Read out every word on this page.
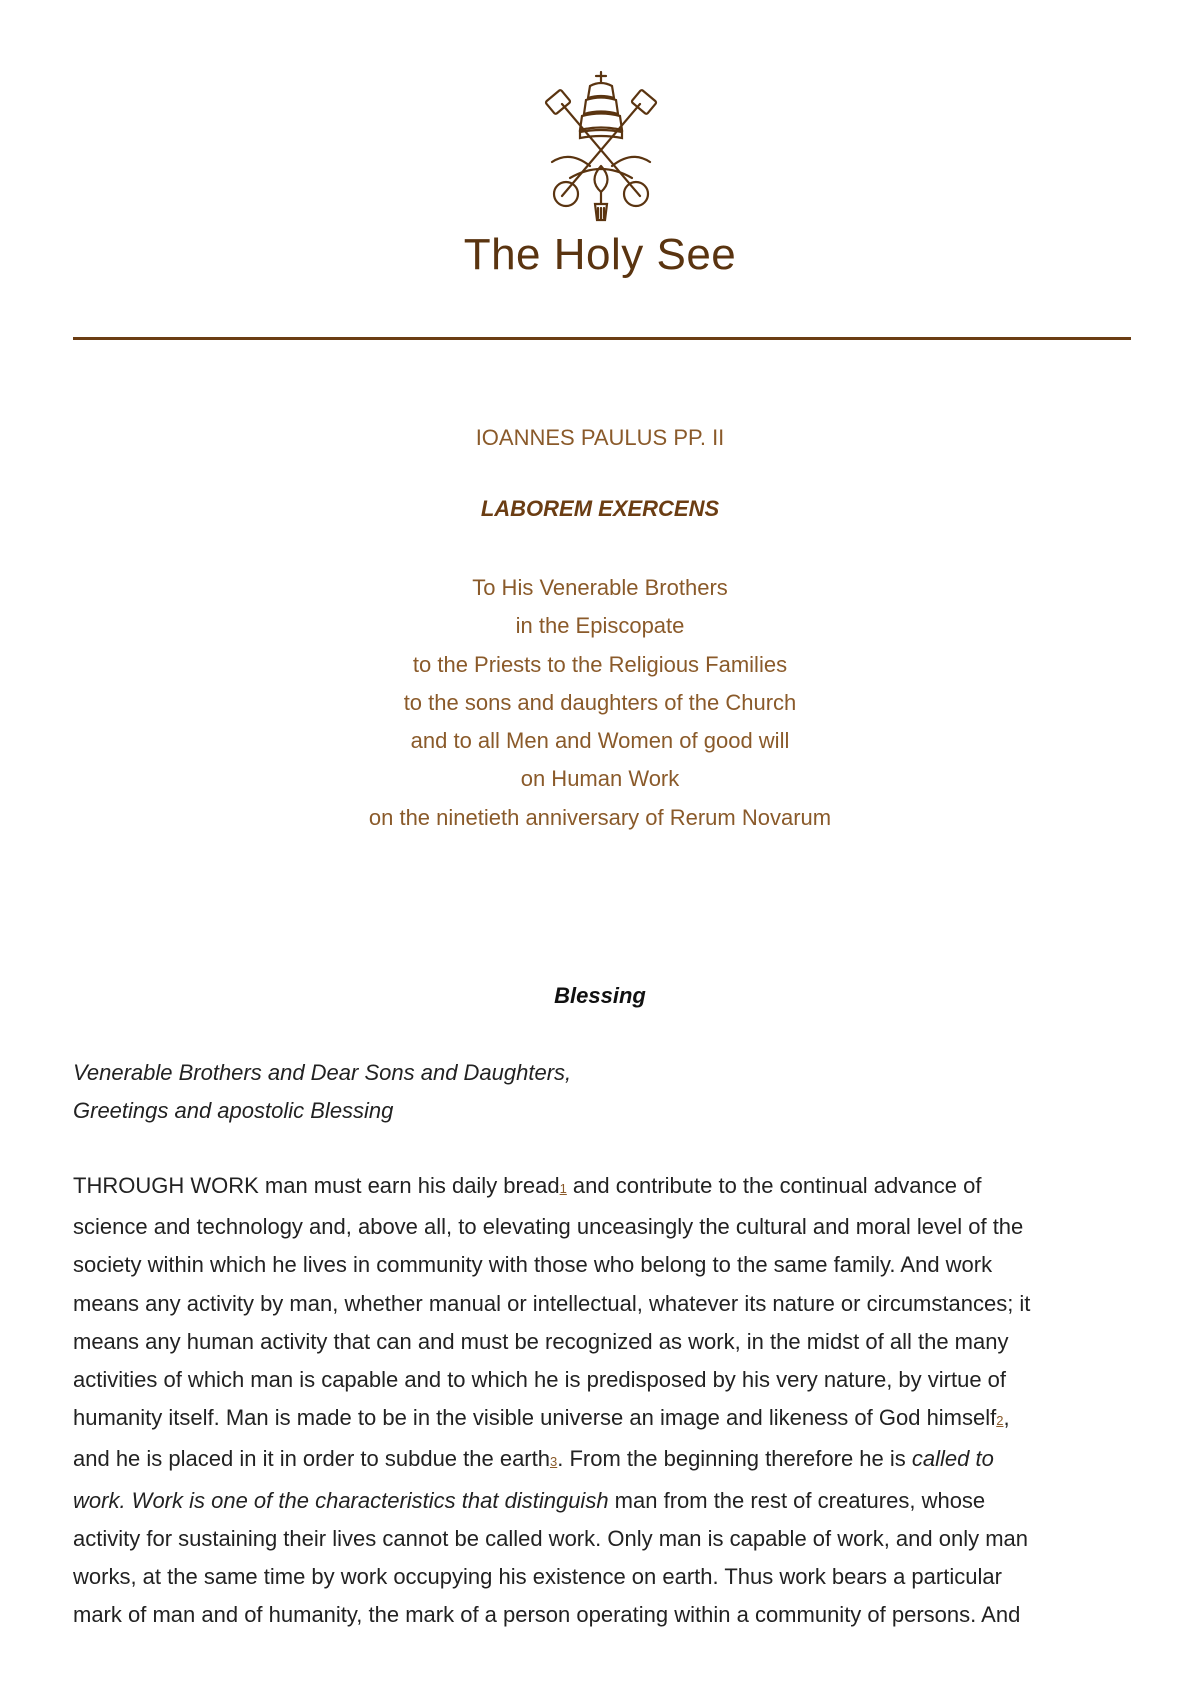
The Holy See
IOANNES PAULUS PP. II
LABOREM EXERCENS
To His Venerable Brothers
in the Episcopate
to the Priests to the Religious Families
to the sons and daughters of the Church
and to all Men and Women of good will
on Human Work
on the ninetieth anniversary of Rerum Novarum
Blessing
Venerable Brothers and Dear Sons and Daughters,
Greetings and apostolic Blessing
THROUGH WORK man must earn his daily bread1 and contribute to the continual advance of
science and technology and, above all, to elevating unceasingly the cultural and moral level of the
society within which he lives in community with those who belong to the same family. And work
means any activity by man, whether manual or intellectual, whatever its nature or circumstances; it
means any human activity that can and must be recognized as work, in the midst of all the many
activities of which man is capable and to which he is predisposed by his very nature, by virtue of
humanity itself. Man is made to be in the visible universe an image and likeness of God himself2,
and he is placed in it in order to subdue the earth3. From the beginning therefore he is called to
work. Work is one of the characteristics that distinguish man from the rest of creatures, whose
activity for sustaining their lives cannot be called work. Only man is capable of work, and only man
works, at the same time by work occupying his existence on earth. Thus work bears a particular
mark of man and of humanity, the mark of a person operating within a community of persons. And
